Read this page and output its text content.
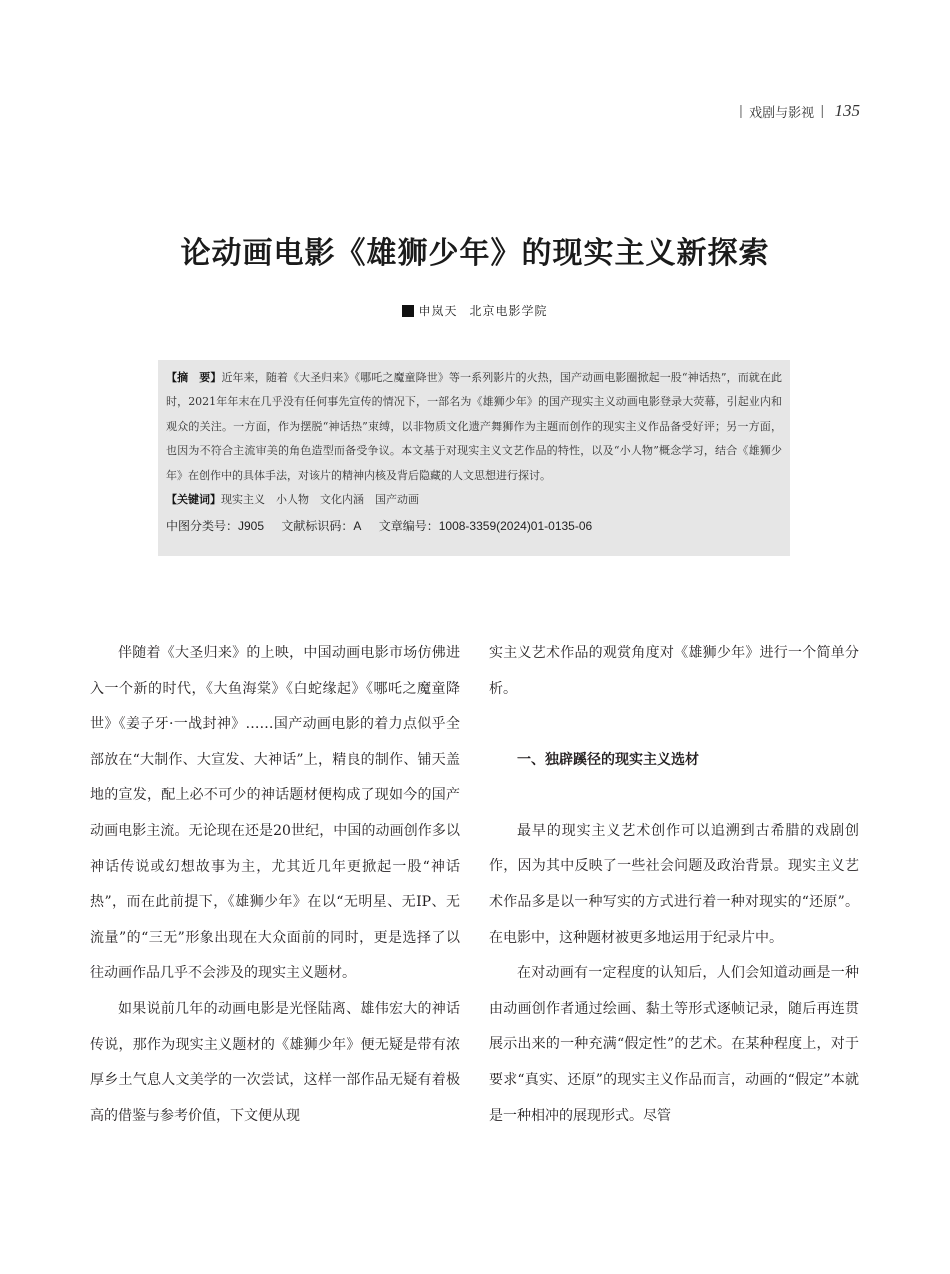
| 戏剧与影视 | 135
论动画电影《雄狮少年》的现实主义新探索
申岚天 北京电影学院
【摘　要】近年来，随着《大圣归来》《哪吒之魔童降世》等一系列影片的火热，国产动画电影圈掀起一股“神话热”，而就在此时，2021年年末在几乎没有任何事先宣传的情况下，一部名为《雄狮少年》的国产现实主义动画电影登录大荧幕，引起业内和观众的关注。一方面，作为摆脱“神话热”束缚，以非物质文化遗产舞狮作为主题而创作的现实主义作品备受好评；另一方面，也因为不符合主流审美的角色造型而备受争议。本文基于对现实主义文艺作品的特性，以及“小人物”概念学习，结合《雄狮少年》在创作中的具体手法，对该片的精神内核及背后隐藏的人文思想进行探讨。
【关键词】现实主义　小人物　文化内涵　国产动画
中图分类号：J905 文献标识码：A 文章编号：1008-3359(2024)01-0135-06

伴随着《大圣归来》的上映，中国动画电影市场仿佛进入一个新的时代，《大鱼海棠》《白蛇缘起》《哪吒之魔童降世》《姜子牙·一战封神》……国产动画电影的着力点似乎全部放在“大制作、大宣发、大神话”上，精良的制作、铺天盖地的宣发，配上必不可少的神话题材便构成了现如今的国产动画电影主流。无论现在还是20世纪，中国的动画创作多以神话传说或幻想故事为主，尤其近几年更掀起一股“神话热”，而在此前提下，《雄狮少年》在以“无明星、无IP、无流量”的“三无”形象出现在大众面前的同时，更是选择了以往动画作品几乎不会涉及的现实主义题材。

如果说前几年的动画电影是光怪陆离、雄伟宏大的神话传说，那作为现实主义题材的《雄狮少年》便无疑是带有浓厚乡土气息人文美学的一次尝试，这样一部作品无疑有着极高的借鉴与参考价值，下文便从现

实主义艺术作品的观赏角度对《雄狮少年》进行一个简单分析。

一、独辟蹊径的现实主义选材

最早的现实主义艺术创作可以追溯到古希腊的戏剧创作，因为其中反映了一些社会问题及政治背景。现实主义艺术作品多是以一种写实的方式进行着一种对现实的“还原”。在电影中，这种题材被更多地运用于纪录片中。

在对动画有一定程度的认知后，人们会知道动画是一种由动画创作者通过绘画、黏土等形式逐帧记录，随后再连贯展示出来的一种充满“假定性”的艺术。在某种程度上，对于要求“真实、还原”的现实主义作品而言，动画的“假定”本就是一种相冲的展现形式。尽管
